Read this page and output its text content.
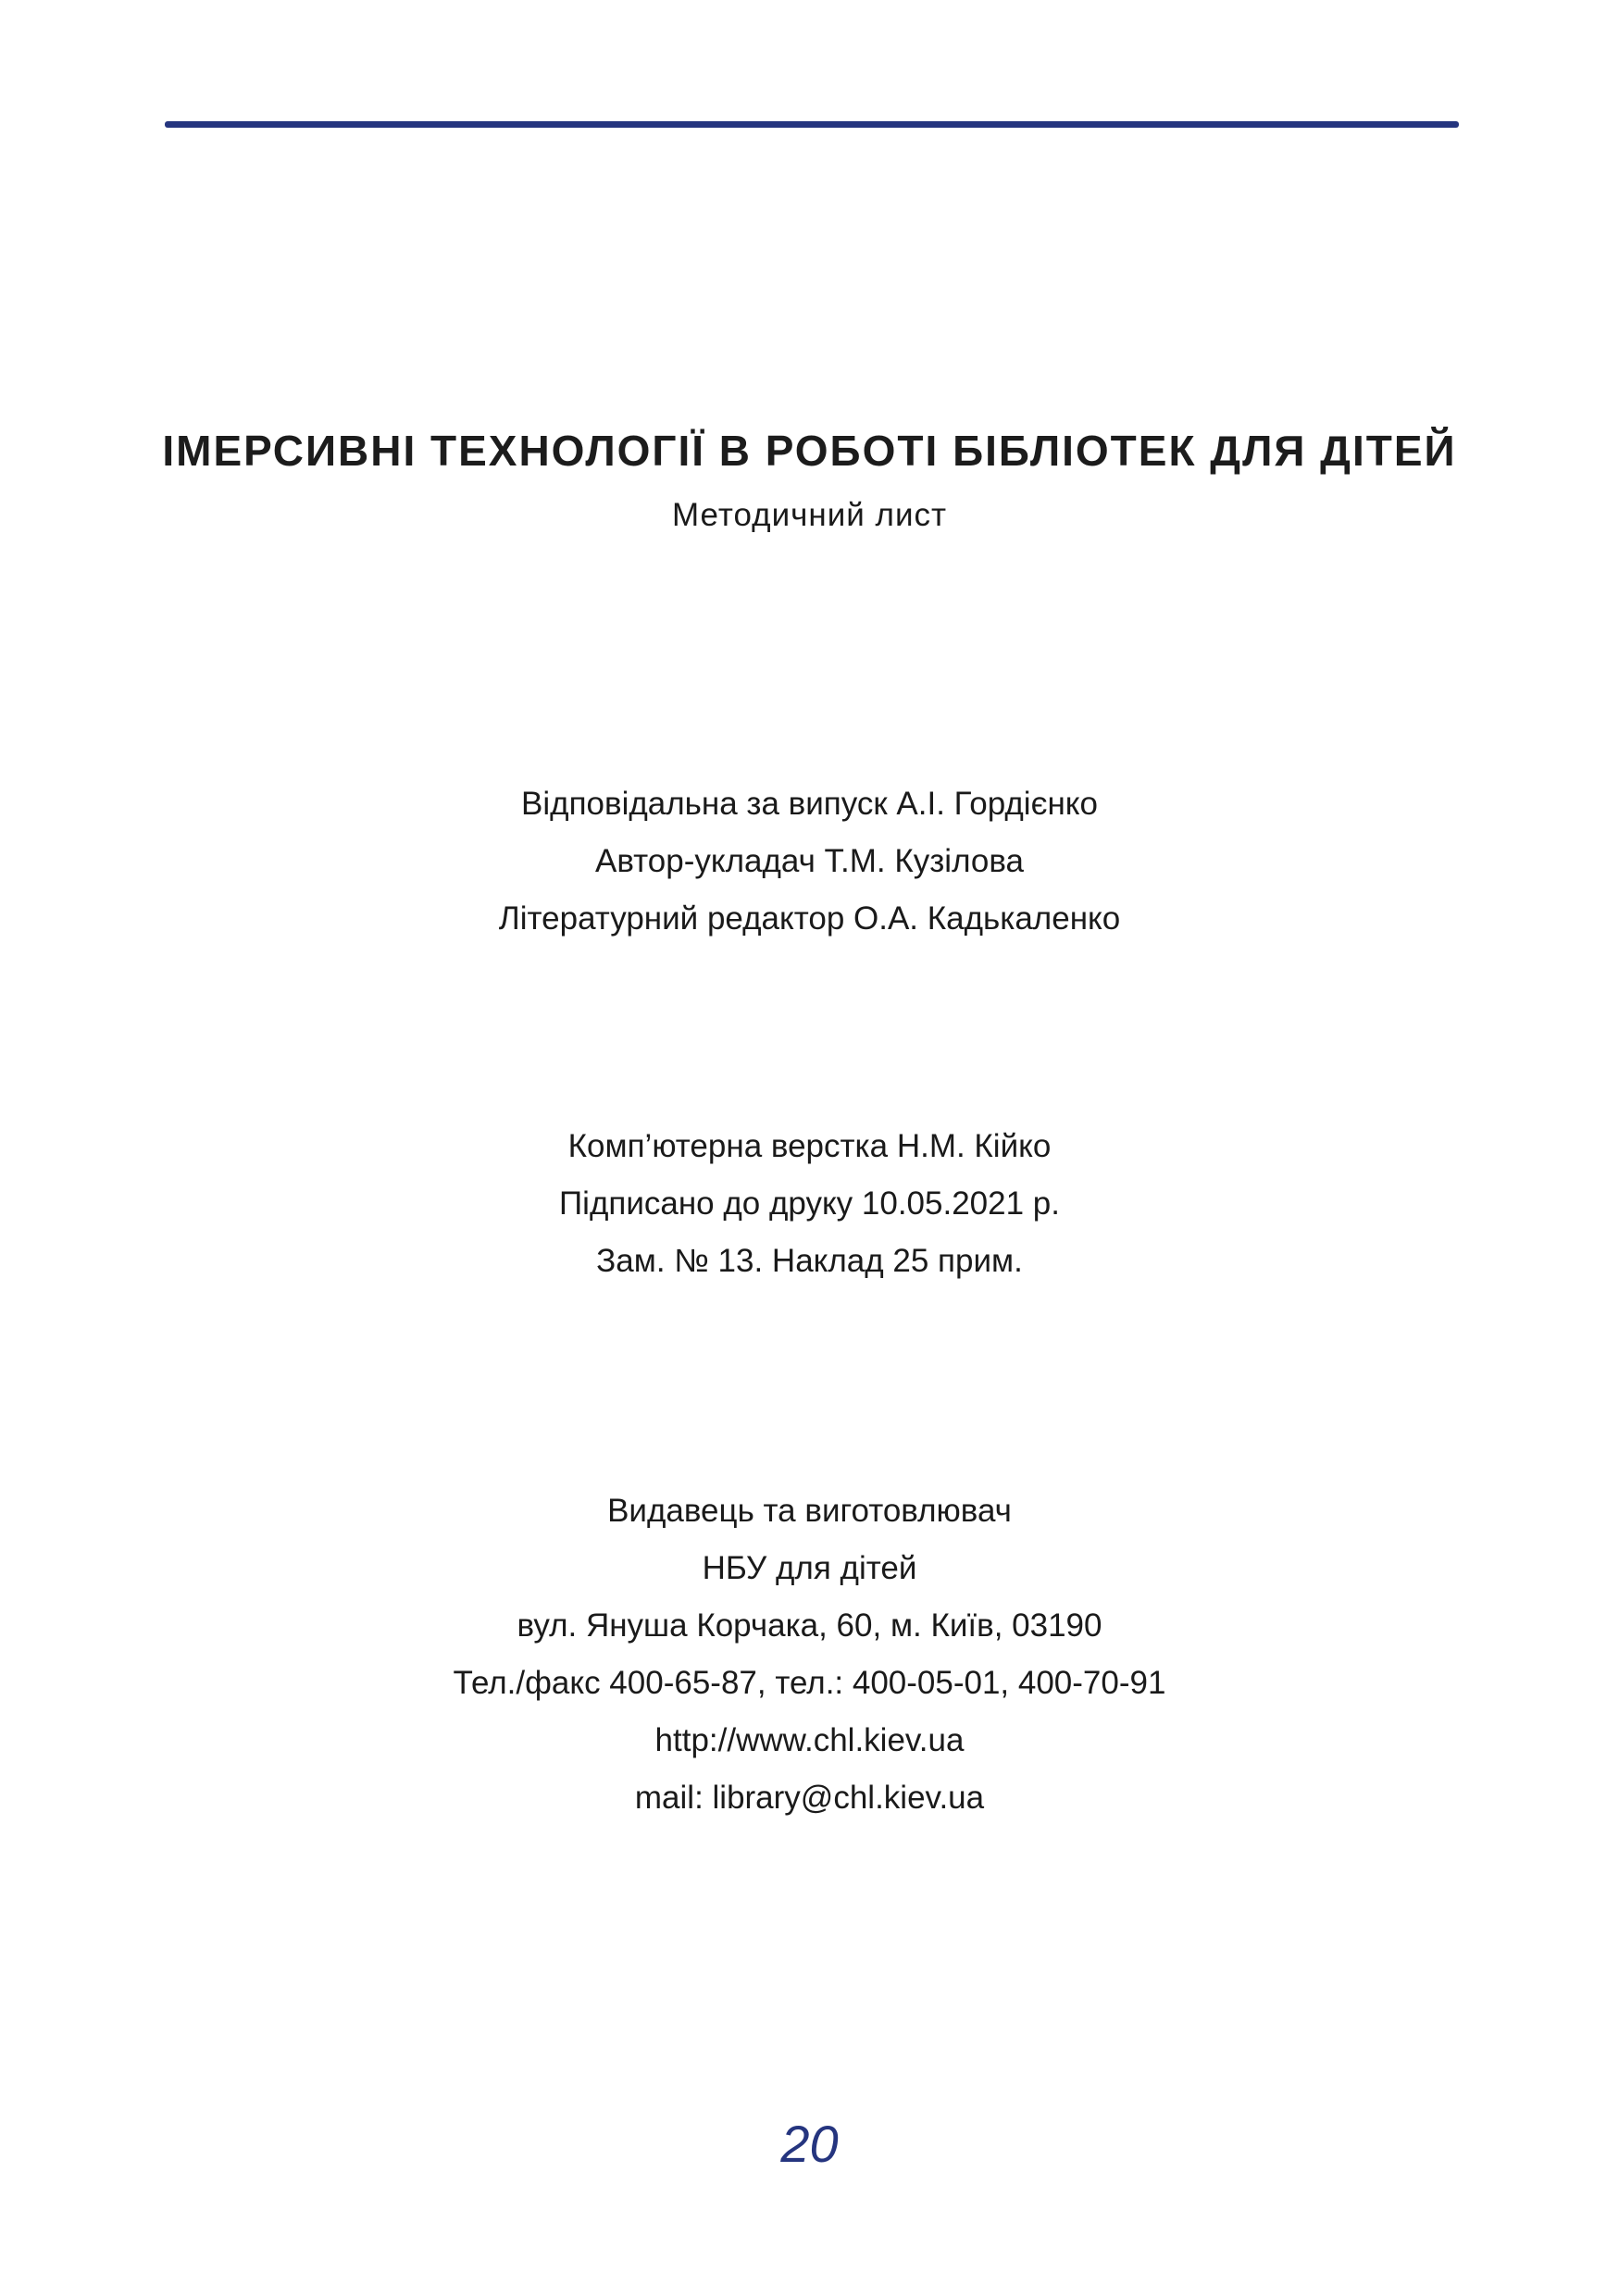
ІМЕРСИВНІ ТЕХНОЛОГІЇ В РОБОТІ БІБЛІОТЕК ДЛЯ ДІТЕЙ
Методичний лист
Відповідальна за випуск А.І. Гордієнко
Автор-укладач Т.М. Кузілова
Літературний редактор О.А. Кадькаленко
Комп’ютерна верстка Н.М. Кійко
Підписано до друку 10.05.2021 р.
Зам. № 13. Наклад 25 прим.
Видавець та виготовлювач
НБУ для дітей
вул. Януша Корчака, 60, м. Київ, 03190
Тел./факс 400-65-87, тел.: 400-05-01, 400-70-91
http://www.chl.kiev.ua
mail: library@chl.kiev.ua
20
